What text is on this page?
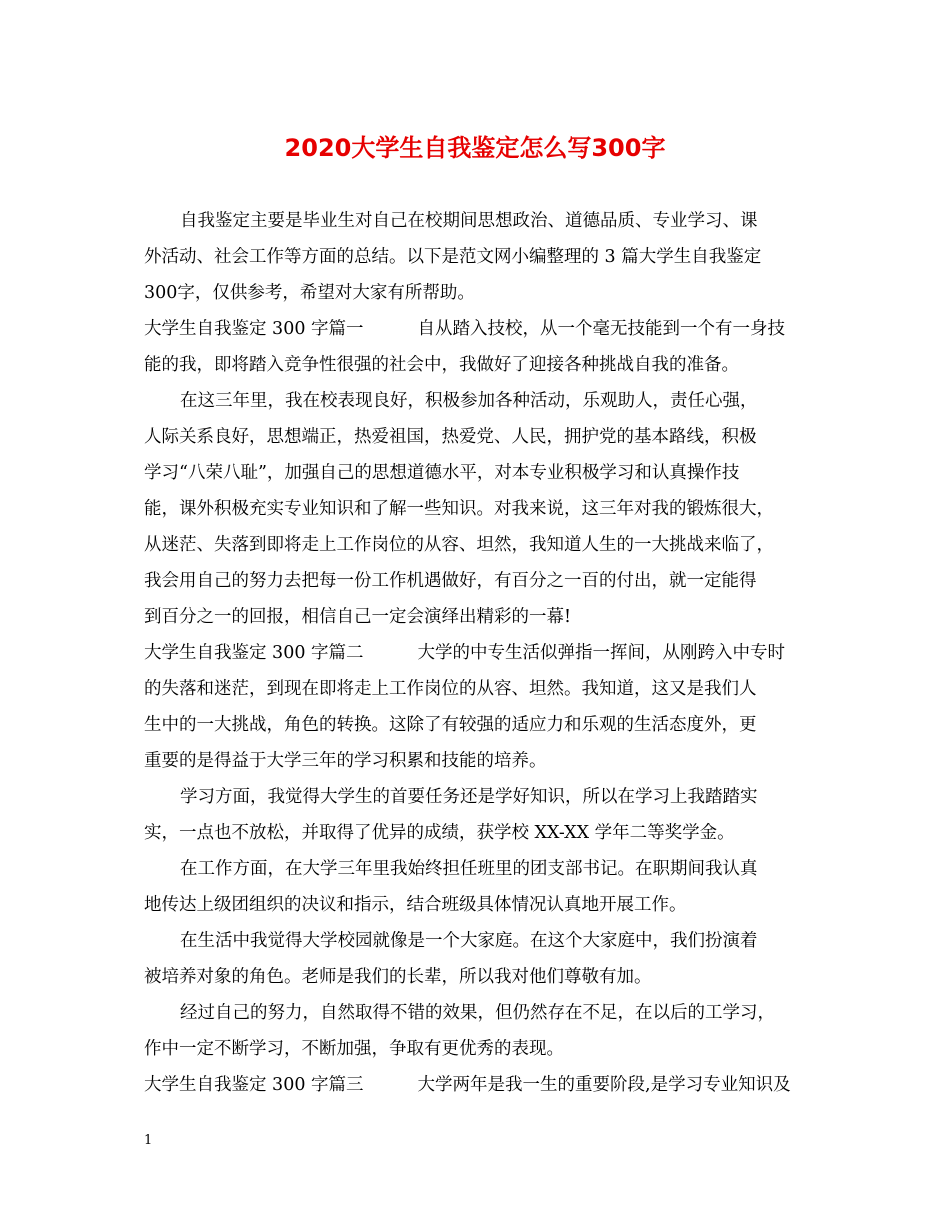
2020大学生自我鉴定怎么写300字
自我鉴定主要是毕业生对自己在校期间思想政治、道德品质、专业学习、课
外活动、社会工作等方面的总结。以下是范文网小编整理的 3 篇大学生自我鉴定
300字，仅供参考，希望对大家有所帮助。
大学生自我鉴定 300 字篇一	自从踏入技校，从一个毫无技能到一个有一身技
能的我，即将踏入竞争性很强的社会中，我做好了迎接各种挑战自我的准备。
在这三年里，我在校表现良好，积极参加各种活动，乐观助人，责任心强，
人际关系良好，思想端正，热爱祖国，热爱党、人民，拥护党的基本路线，积极
学习“八荣八耻”，加强自己的思想道德水平，对本专业积极学习和认真操作技
能，课外积极充实专业知识和了解一些知识。对我来说，这三年对我的锻炼很大，
从迷茫、失落到即将走上工作岗位的从容、坦然，我知道人生的一大挑战来临了，
我会用自己的努力去把每一份工作机遇做好，有百分之一百的付出，就一定能得
到百分之一的回报，相信自己一定会演绎出精彩的一幕!
大学生自我鉴定 300 字篇二	大学的中专生活似弹指一挥间，从刚跨入中专时
的失落和迷茫，到现在即将走上工作岗位的从容、坦然。我知道，这又是我们人
生中的一大挑战，角色的转换。这除了有较强的适应力和乐观的生活态度外，更
重要的是得益于大学三年的学习积累和技能的培养。
学习方面，我觉得大学生的首要任务还是学好知识，所以在学习上我踏踏实
实，一点也不放松，并取得了优异的成绩，获学校 XX-XX 学年二等奖学金。
在工作方面，在大学三年里我始终担任班里的团支部书记。在职期间我认真
地传达上级团组织的决议和指示，结合班级具体情况认真地开展工作。
在生活中我觉得大学校园就像是一个大家庭。在这个大家庭中，我们扮演着
被培养对象的角色。老师是我们的长辈，所以我对他们尊敬有加。
经过自己的努力，自然取得不错的效果，但仍然存在不足，在以后的工学习，
作中一定不断学习，不断加强，争取有更优秀的表现。
大学生自我鉴定 300 字篇三	大学两年是我一生的重要阶段,是学习专业知识及
1
